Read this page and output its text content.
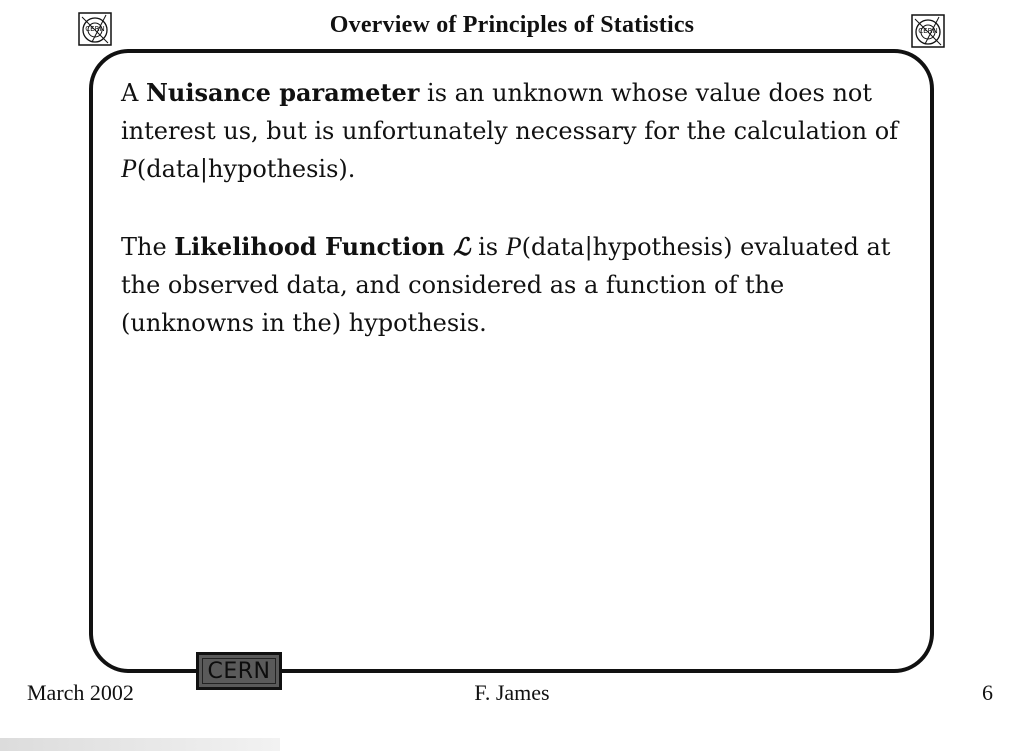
CERN	Overview of Principles of Statistics	CERN

A Nuisance parameter is an unknown whose value does not interest us, but is unfortunately necessary for the calculation of P(data|hypothesis).

The Likelihood Function ℒ is P(data|hypothesis) evaluated at the observed data, and considered as a function of the (unknowns in the) hypothesis.

March 2002
CERN
F. James	6
